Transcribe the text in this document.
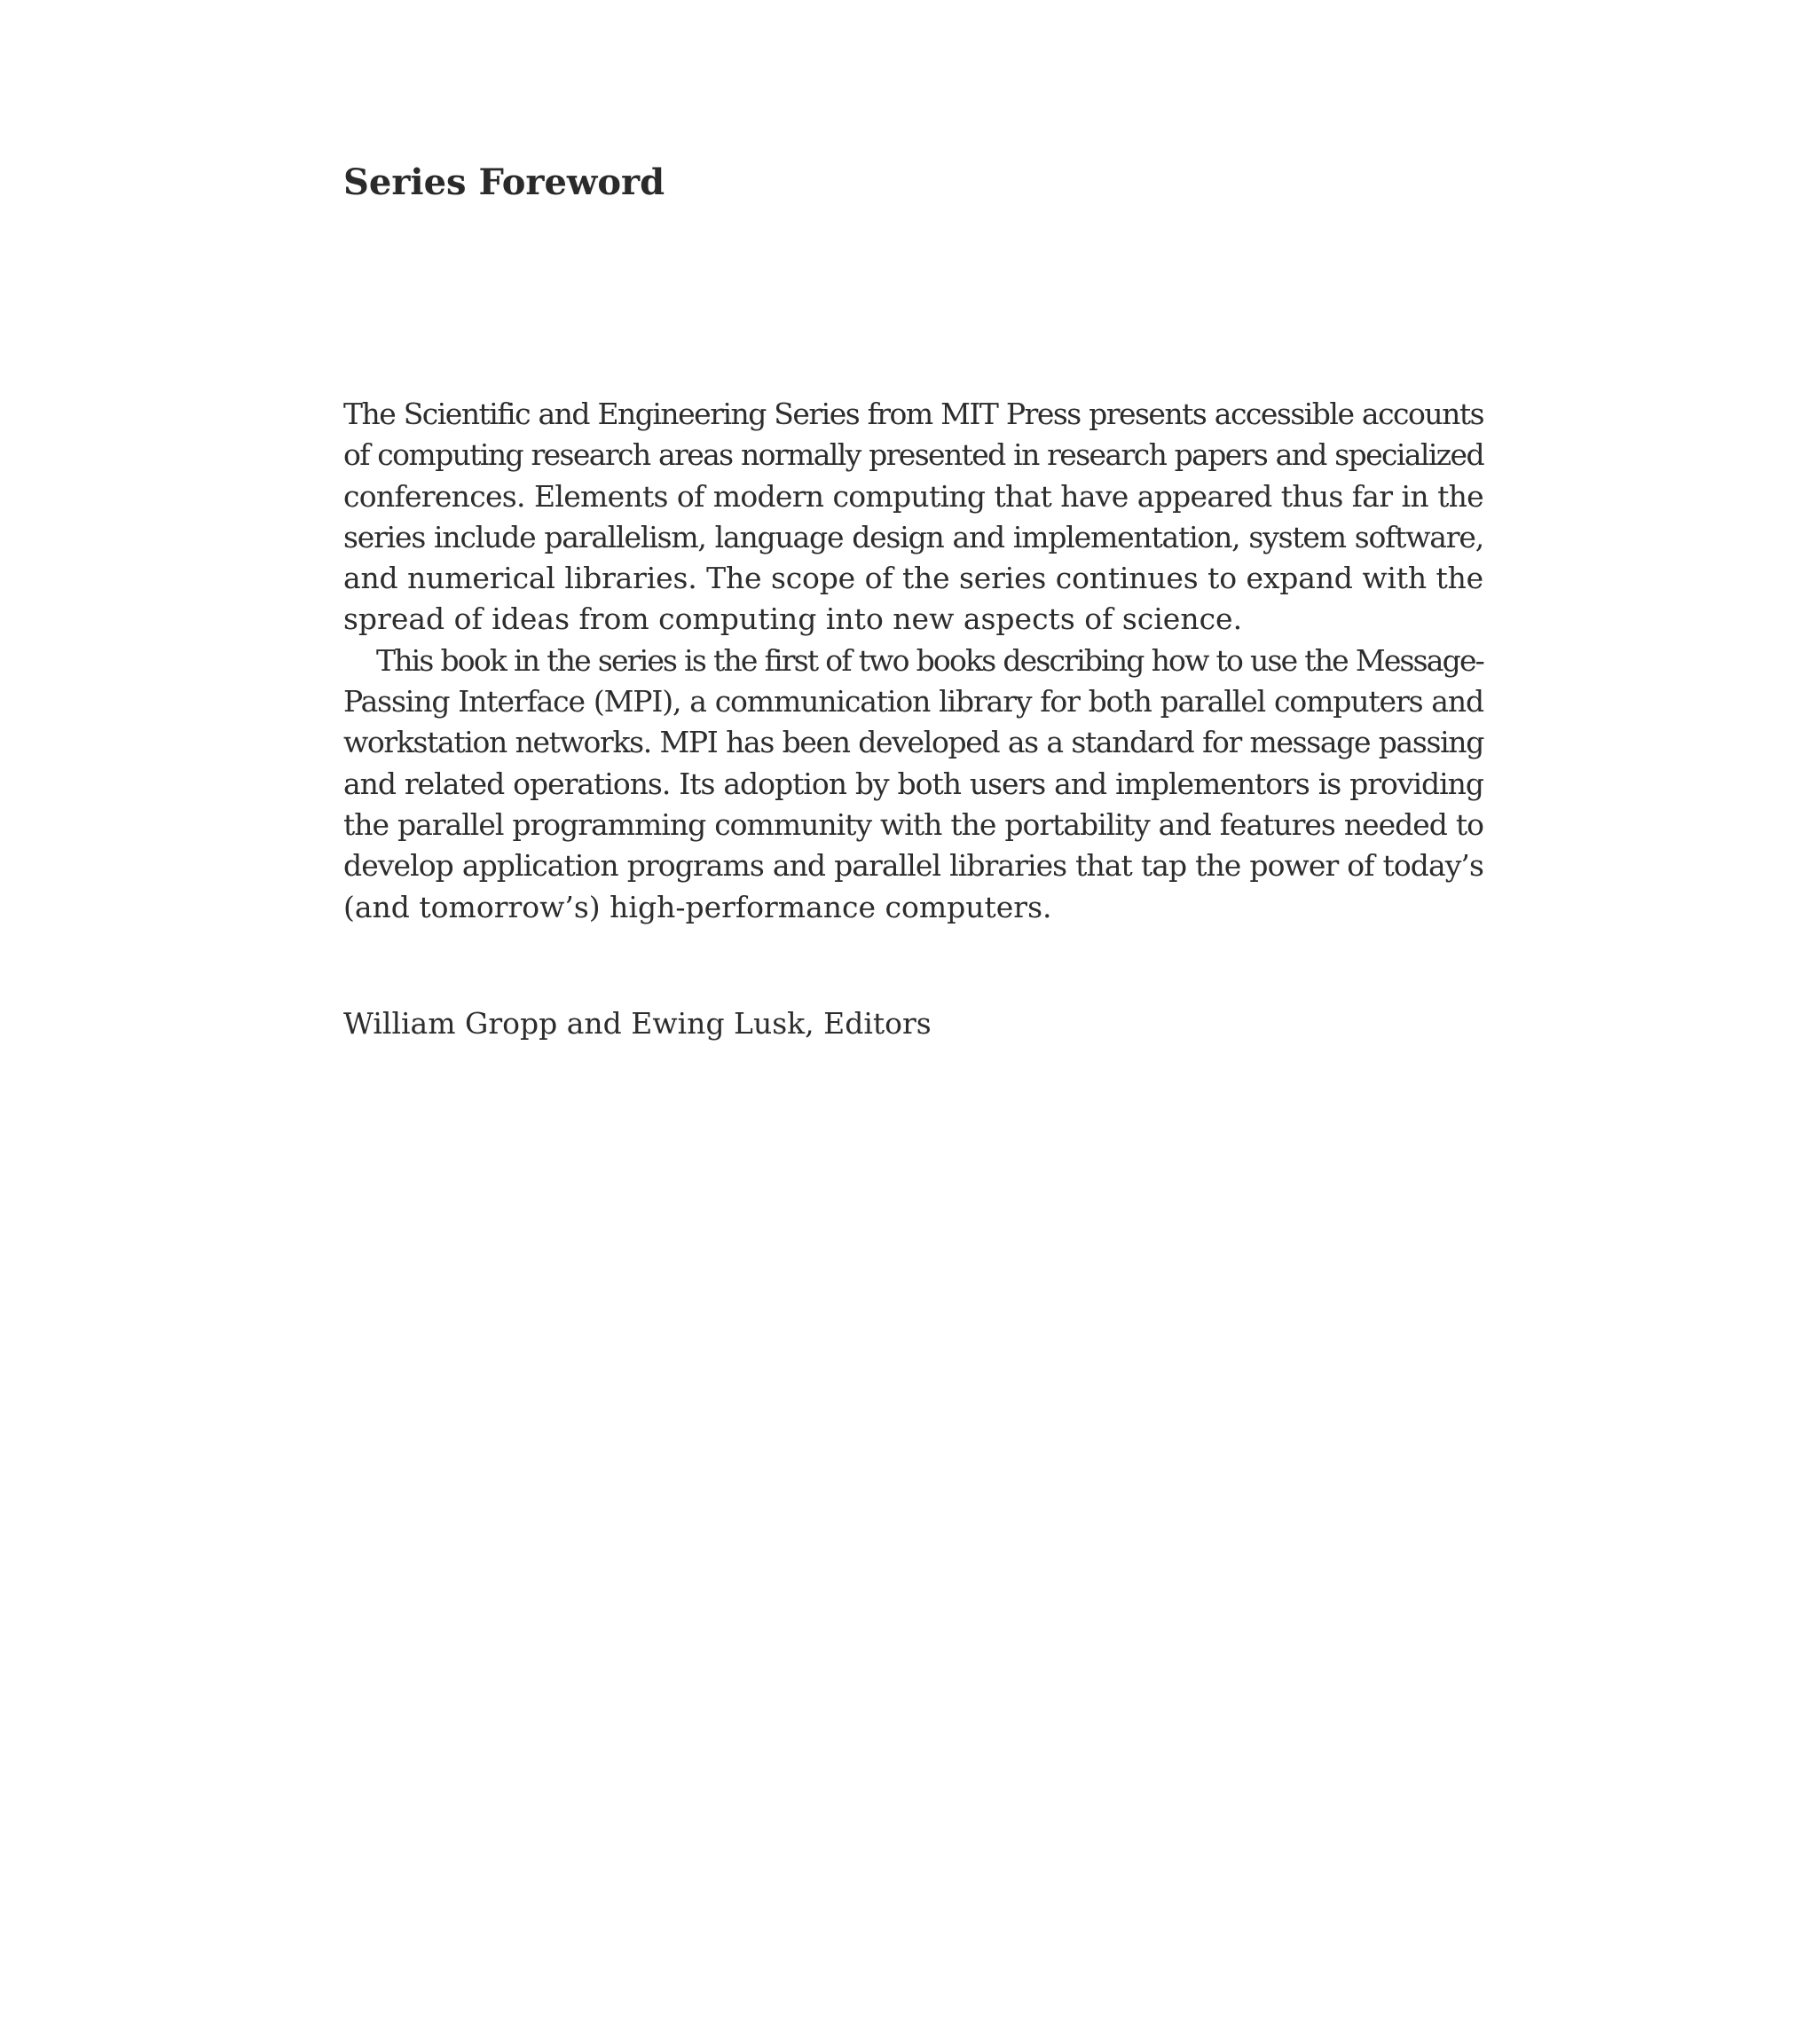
Series Foreword
The Scientific and Engineering Series from MIT Press presents accessible accounts
of computing research areas normally presented in research papers and specialized
conferences. Elements of modern computing that have appeared thus far in the
series include parallelism, language design and implementation, system software,
and numerical libraries. The scope of the series continues to expand with the
spread of ideas from computing into new aspects of science.
This book in the series is the first of two books describing how to use the Message-
Passing Interface (MPI), a communication library for both parallel computers and
workstation networks. MPI has been developed as a standard for message passing
and related operations. Its adoption by both users and implementors is providing
the parallel programming community with the portability and features needed to
develop application programs and parallel libraries that tap the power of today’s
(and tomorrow’s) high-performance computers.

William Gropp and Ewing Lusk, Editors
